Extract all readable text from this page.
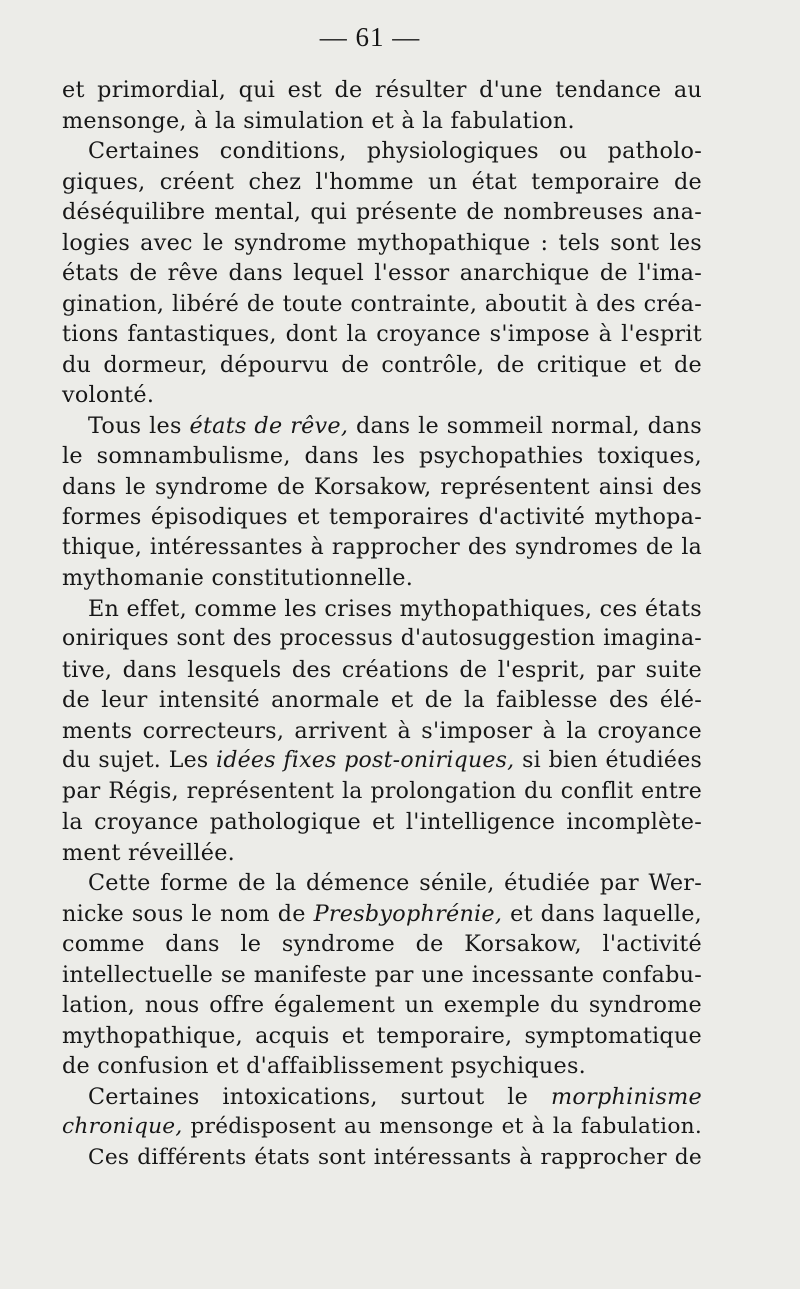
— 61 —
et primordial, qui est de résulter d'une tendance au
mensonge, à la simulation et à la fabulation.
Certaines conditions, physiologiques ou patholo-
giques, créent chez l'homme un état temporaire de
déséquilibre mental, qui présente de nombreuses ana-
logies avec le syndrome mythopathique : tels sont les
états de rêve dans lequel l'essor anarchique de l'ima-
gination, libéré de toute contrainte, aboutit à des créa-
tions fantastiques, dont la croyance s'impose à l'esprit
du dormeur, dépourvu de contrôle, de critique et de
volonté.
Tous les états de rêve, dans le sommeil normal, dans
le somnambulisme, dans les psychopathies toxiques,
dans le syndrome de Korsakow, représentent ainsi des
formes épisodiques et temporaires d'activité mythopa-
thique, intéressantes à rapprocher des syndromes de la
mythomanie constitutionnelle.
En effet, comme les crises mythopathiques, ces états
oniriques sont des processus d'autosuggestion imagina-
tive, dans lesquels des créations de l'esprit, par suite
de leur intensité anormale et de la faiblesse des élé-
ments correcteurs, arrivent à s'imposer à la croyance
du sujet. Les idées fixes post-oniriques, si bien étudiées
par Régis, représentent la prolongation du conflit entre
la croyance pathologique et l'intelligence incomplète-
ment réveillée.
Cette forme de la démence sénile, étudiée par Wer-
nicke sous le nom de Presbyophrénie, et dans laquelle,
comme dans le syndrome de Korsakow, l'activité
intellectuelle se manifeste par une incessante confabu-
lation, nous offre également un exemple du syndrome
mythopathique, acquis et temporaire, symptomatique
de confusion et d'affaiblissement psychiques.
Certaines intoxications, surtout le morphinisme
chronique, prédisposent au mensonge et à la fabulation.
Ces différents états sont intéressants à rapprocher de
